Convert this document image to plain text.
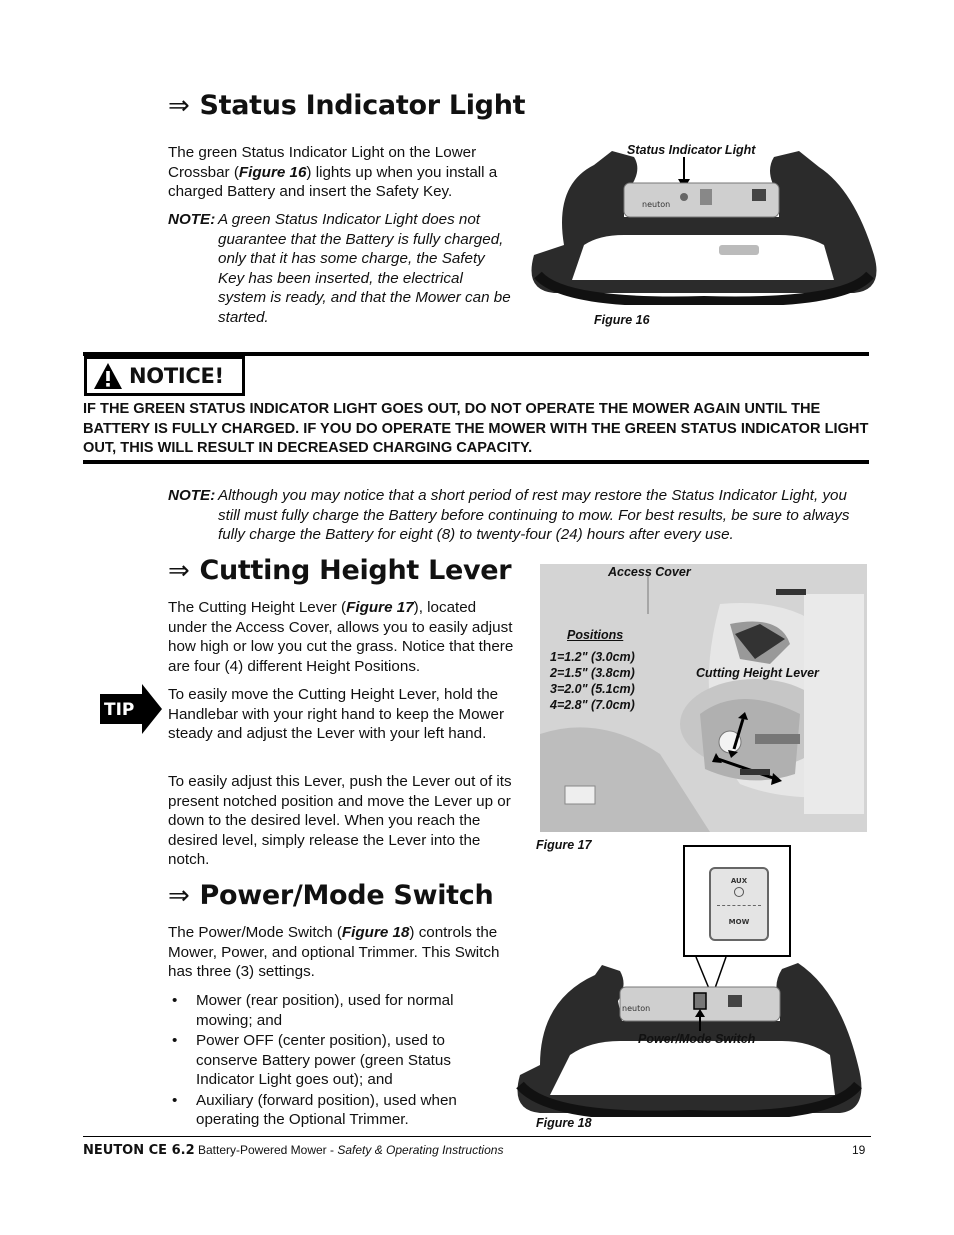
⇒ Status Indicator Light
The green Status Indicator Light on the Lower Crossbar (Figure 16) lights up when you install a charged Battery and insert the Safety Key.
NOTE: A green Status Indicator Light does not guarantee that the Battery is fully charged, only that it has some charge, the Safety Key has been inserted, the electrical system is ready, and that the Mower can be started.
Status Indicator Light
neuton
Figure 16
NOTICE!
IF THE GREEN STATUS INDICATOR LIGHT GOES OUT, DO NOT OPERATE THE MOWER AGAIN UNTIL THE BATTERY IS FULLY CHARGED. IF YOU DO OPERATE THE MOWER WITH THE GREEN STATUS INDICATOR LIGHT OUT, THIS WILL RESULT IN DECREASED CHARGING CAPACITY.
NOTE: Although you may notice that a short period of rest may restore the Status Indicator Light, you still must fully charge the Battery before continuing to mow. For best results, be sure to always fully charge the Battery for eight (8) to twenty-four (24) hours after every use.
⇒ Cutting Height Lever
The Cutting Height Lever (Figure 17), located under the Access Cover, allows you to easily adjust how high or low you cut the grass. Notice that there are four (4) different Height Positions.
TIP
To easily move the Cutting Height Lever, hold the Handlebar with your right hand to keep the Mower steady and adjust the Lever with your left hand.
To easily adjust this Lever, push the Lever out of its present notched position and move the Lever up or down to the desired level. When you reach the desired level, simply release the Lever into the notch.
Access Cover
Positions
1=1.2" (3.0cm)
2=1.5" (3.8cm)
3=2.0" (5.1cm)
4=2.8" (7.0cm)
Cutting Height Lever
Figure 17
⇒ Power/Mode Switch
The Power/Mode Switch (Figure 18) controls the Mower, Power, and optional Trimmer. This Switch has three (3) settings.
• Mower (rear position), used for normal mowing; and
• Power OFF (center position), used to conserve Battery power (green Status Indicator Light goes out); and
• Auxiliary (forward position), used when operating the Optional Trimmer.
AUX
MOW
neuton
Power/Mode Switch
Figure 18
NEUTON CE 6.2 Battery-Powered Mower - Safety & Operating Instructions	19
